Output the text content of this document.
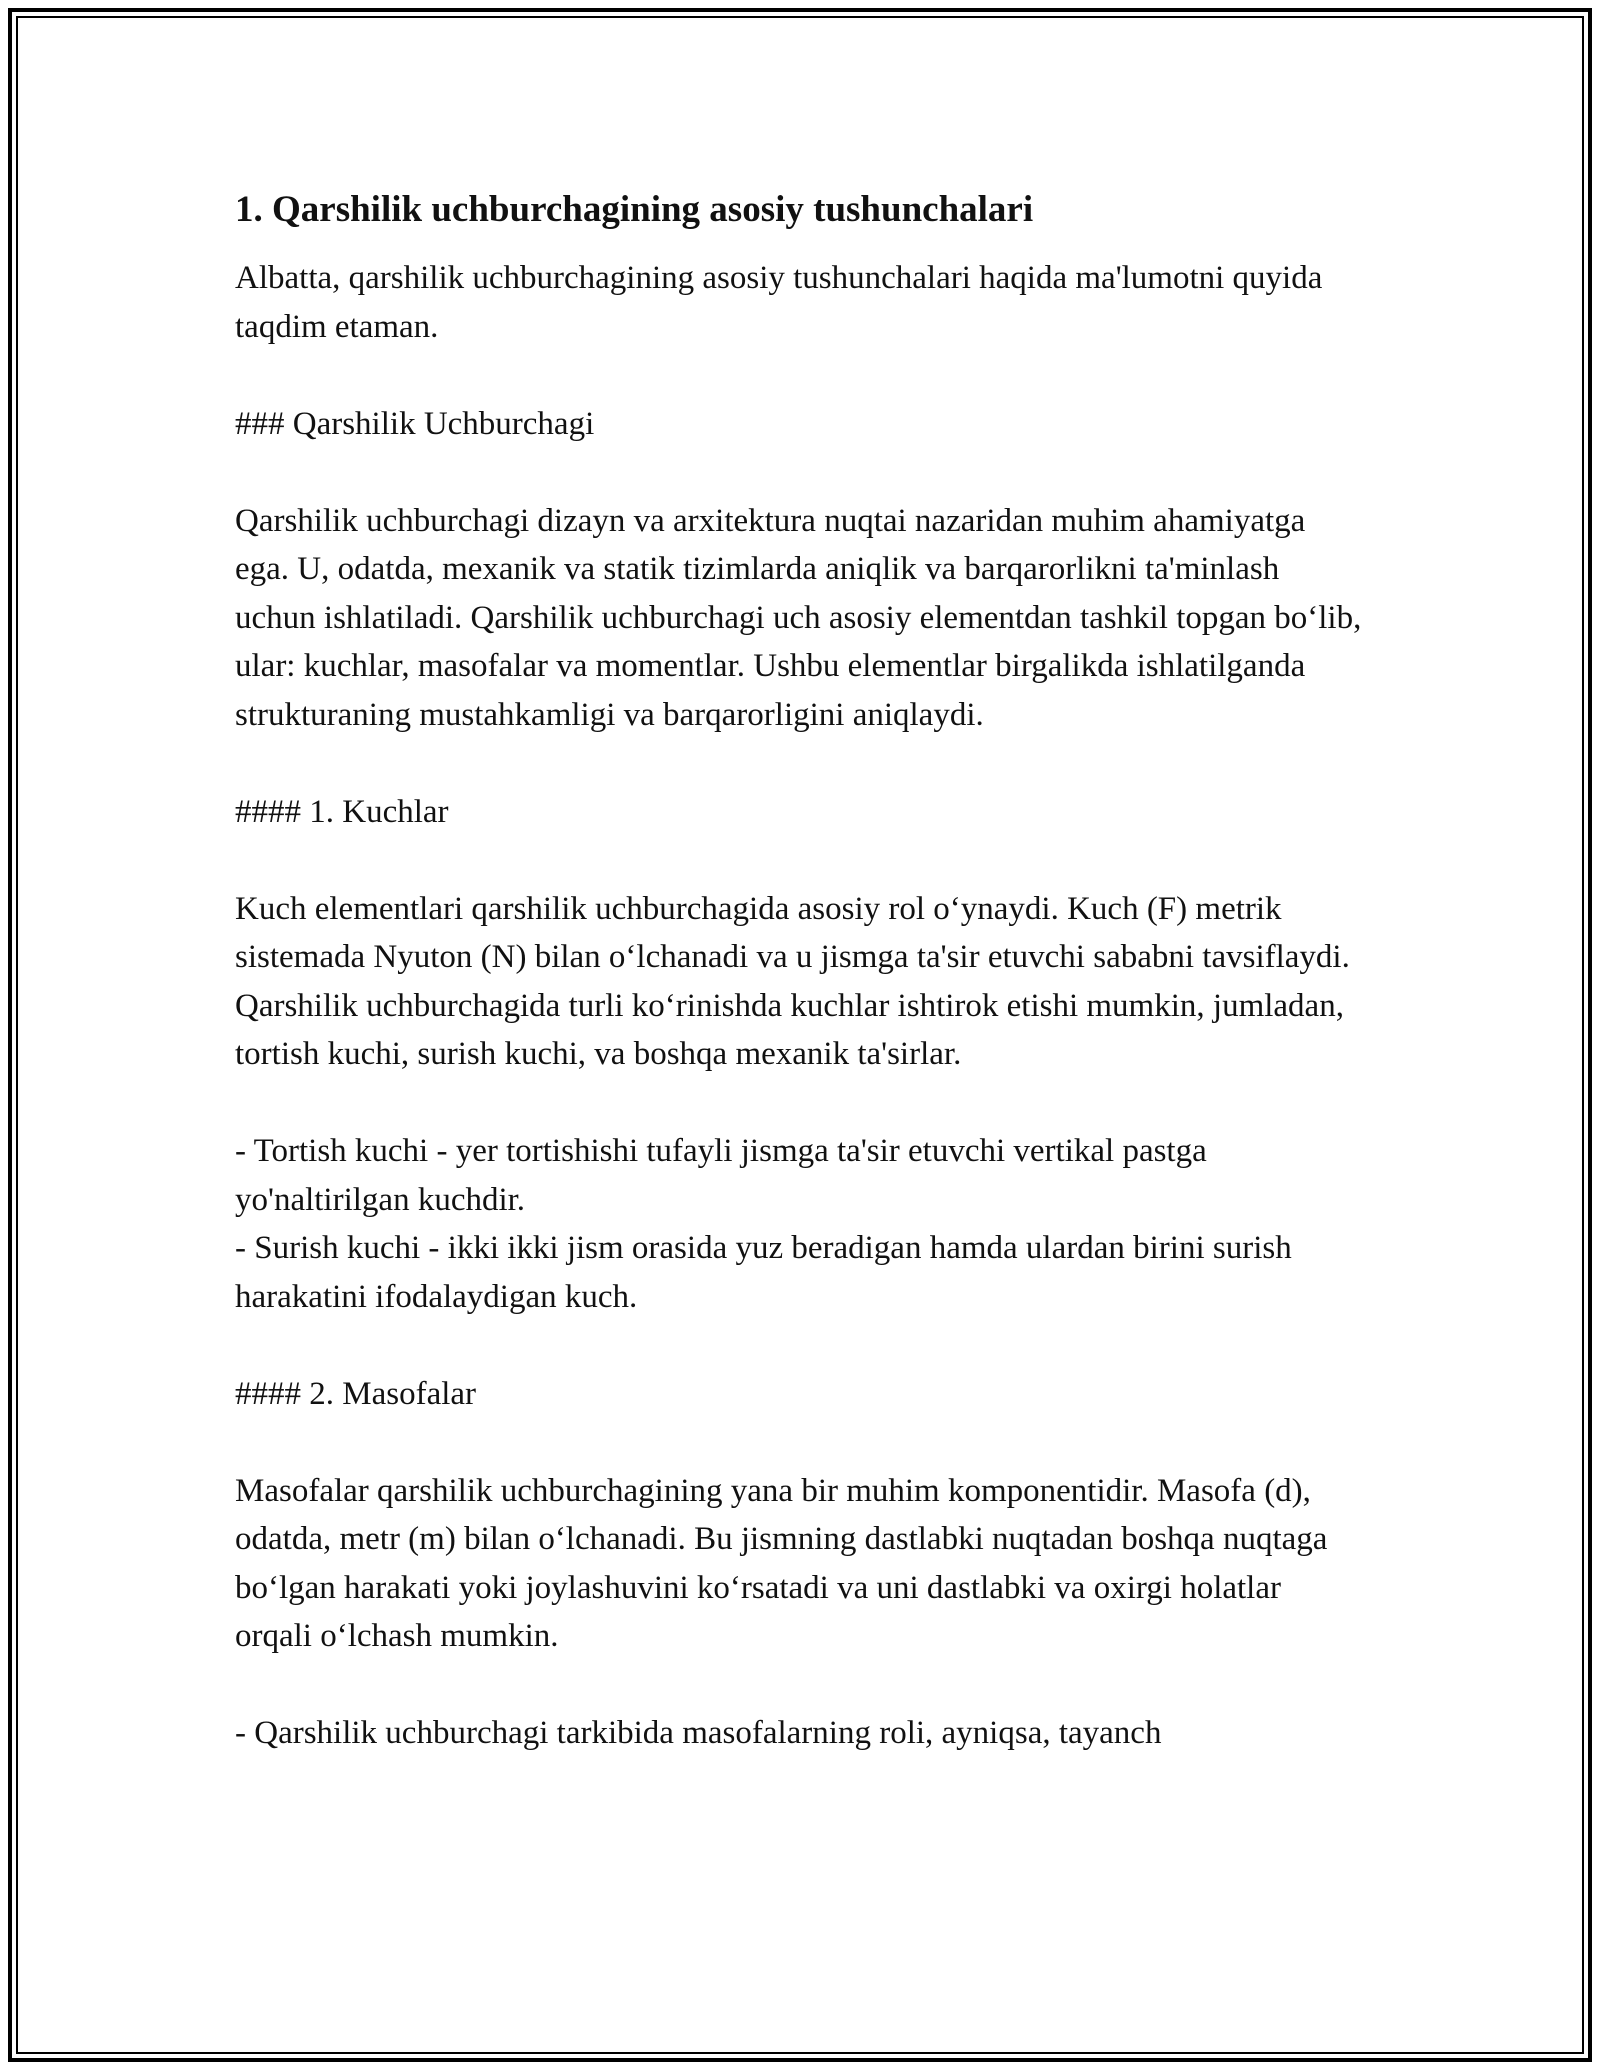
1. Qarshilik uchburchagining asosiy tushunchalari

Albatta, qarshilik uchburchagining asosiy tushunchalari haqida ma'lumotni quyida taqdim etaman.

### Qarshilik Uchburchagi

Qarshilik uchburchagi dizayn va arxitektura nuqtai nazaridan muhim ahamiyatga ega. U, odatda, mexanik va statik tizimlarda aniqlik va barqarorlikni ta'minlash uchun ishlatiladi. Qarshilik uchburchagi uch asosiy elementdan tashkil topgan bo‘lib, ular: kuchlar, masofalar va momentlar. Ushbu elementlar birgalikda ishlatilganda strukturaning mustahkamligi va barqarorligini aniqlaydi.

#### 1. Kuchlar

Kuch elementlari qarshilik uchburchagida asosiy rol o‘ynaydi. Kuch (F) metrik sistemada Nyuton (N) bilan o‘lchanadi va u jismga ta'sir etuvchi sababni tavsiflaydi. Qarshilik uchburchagida turli ko‘rinishda kuchlar ishtirok etishi mumkin, jumladan, tortish kuchi, surish kuchi, va boshqa mexanik ta'sirlar.

- Tortish kuchi - yer tortishishi tufayli jismga ta'sir etuvchi vertikal pastga yo'naltirilgan kuchdir.

- Surish kuchi - ikki ikki jism orasida yuz beradigan hamda ulardan birini surish harakatini ifodalaydigan kuch.

#### 2. Masofalar

Masofalar qarshilik uchburchagining yana bir muhim komponentidir. Masofa (d), odatda, metr (m) bilan o‘lchanadi. Bu jismning dastlabki nuqtadan boshqa nuqtaga bo‘lgan harakati yoki joylashuvini ko‘rsatadi va uni dastlabki va oxirgi holatlar orqali o‘lchash mumkin.

- Qarshilik uchburchagi tarkibida masofalarning roli, ayniqsa, tayanch
